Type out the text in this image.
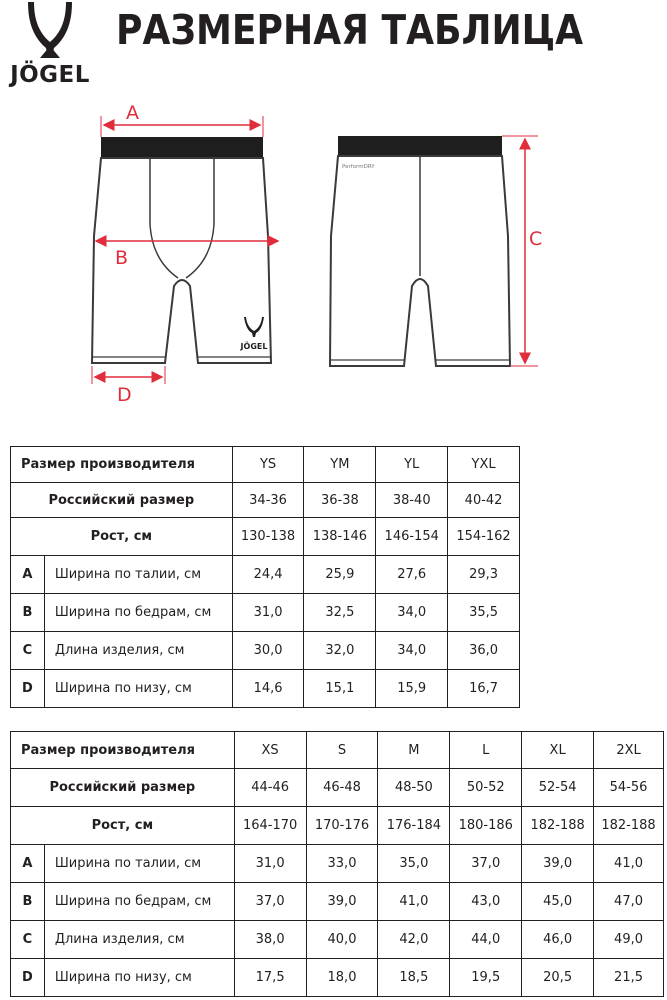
JÖGEL
РАЗМЕРНАЯ ТАБЛИЦА
JÖGEL
PerformDRY
A
B
C
D
Размер производителя		YS	YM	YL	YXL
Российский размер		34-36	36-38	38-40	40-42
Рост, см		130-138	138-146	146-154	154-162
A	Ширина по талии, см	24,4	25,9	27,6	29,3
B	Ширина по бедрам, см	31,0	32,5	34,0	35,5
C	Длина изделия, см	30,0	32,0	34,0	36,0
D	Ширина по низу, см	14,6	15,1	15,9	16,7
Размер производителя		XS	S	M	L	XL	2XL
Российский размер		44-46	46-48	48-50	50-52	52-54	54-56
Рост, см		164-170	170-176	176-184	180-186	182-188	182-188
A	Ширина по талии, см	31,0	33,0	35,0	37,0	39,0	41,0
B	Ширина по бедрам, см	37,0	39,0	41,0	43,0	45,0	47,0
C	Длина изделия, см	38,0	40,0	42,0	44,0	46,0	49,0
D	Ширина по низу, см	17,5	18,0	18,5	19,5	20,5	21,5
